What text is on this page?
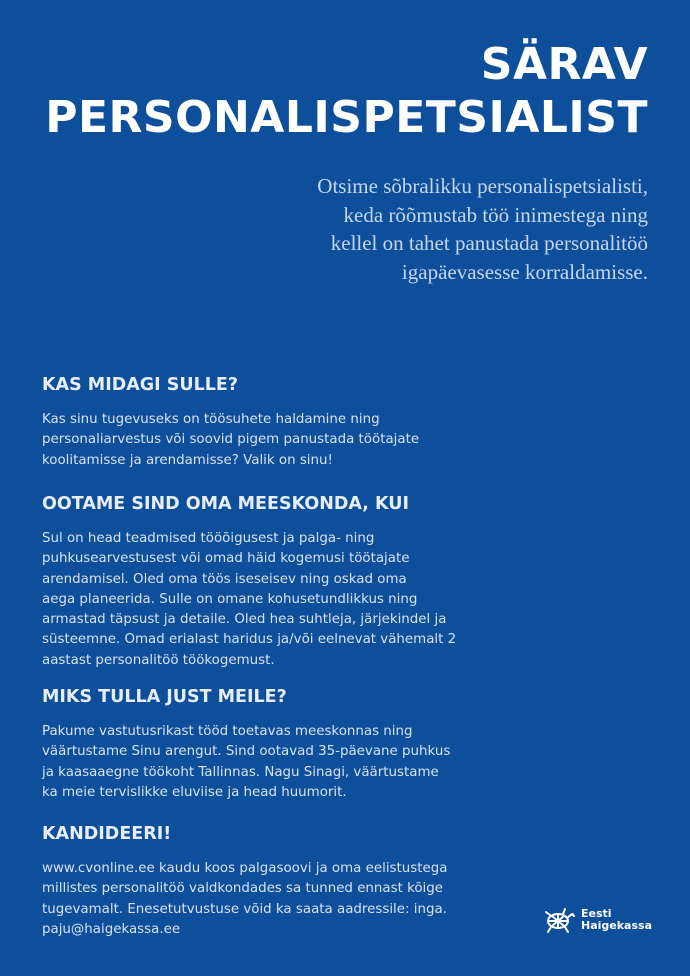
SÄRAV
PERSONALISPETSIALIST

Otsime sõbralikku personalispetsialisti,
keda rõõmustab töö inimestega ning
kellel on tahet panustada personalitöö
igapäevasesse korraldamisse.

KAS MIDAGI SULLE?

Kas sinu tugevuseks on töösuhete haldamine ning
personaliarvestus või soovid pigem panustada töötajate
koolitamisse ja arendamisse? Valik on sinu!

OOTAME SIND OMA MEESKONDA, KUI

Sul on head teadmised tööõigusest ja palga- ning
puhkusearvestusest või omad häid kogemusi töötajate
arendamisel. Oled oma töös iseseisev ning oskad oma
aega planeerida. Sulle on omane kohusetundlikkus ning
armastad täpsust ja detaile. Oled hea suhtleja, järjekindel ja
süsteemne. Omad erialast haridus ja/või eelnevat vähemalt 2
aastast personalitöö töökogemust.

MIKS TULLA JUST MEILE?

Pakume vastutusrikast tööd toetavas meeskonnas ning
väärtustame Sinu arengut. Sind ootavad 35-päevane puhkus
ja kaasaaegne töökoht Tallinnas. Nagu Sinagi, väärtustame
ka meie tervislikke eluviise ja head huumorit.

KANDIDEERI!

www.cvonline.ee kaudu koos palgasoovi ja oma eelistustega
millistes personalitöö valdkondades sa tunned ennast kõige
tugevamalt. Enesetutvustuse võid ka saata aadressile: inga.
paju@haigekassa.ee

Eesti
Haigekassa
